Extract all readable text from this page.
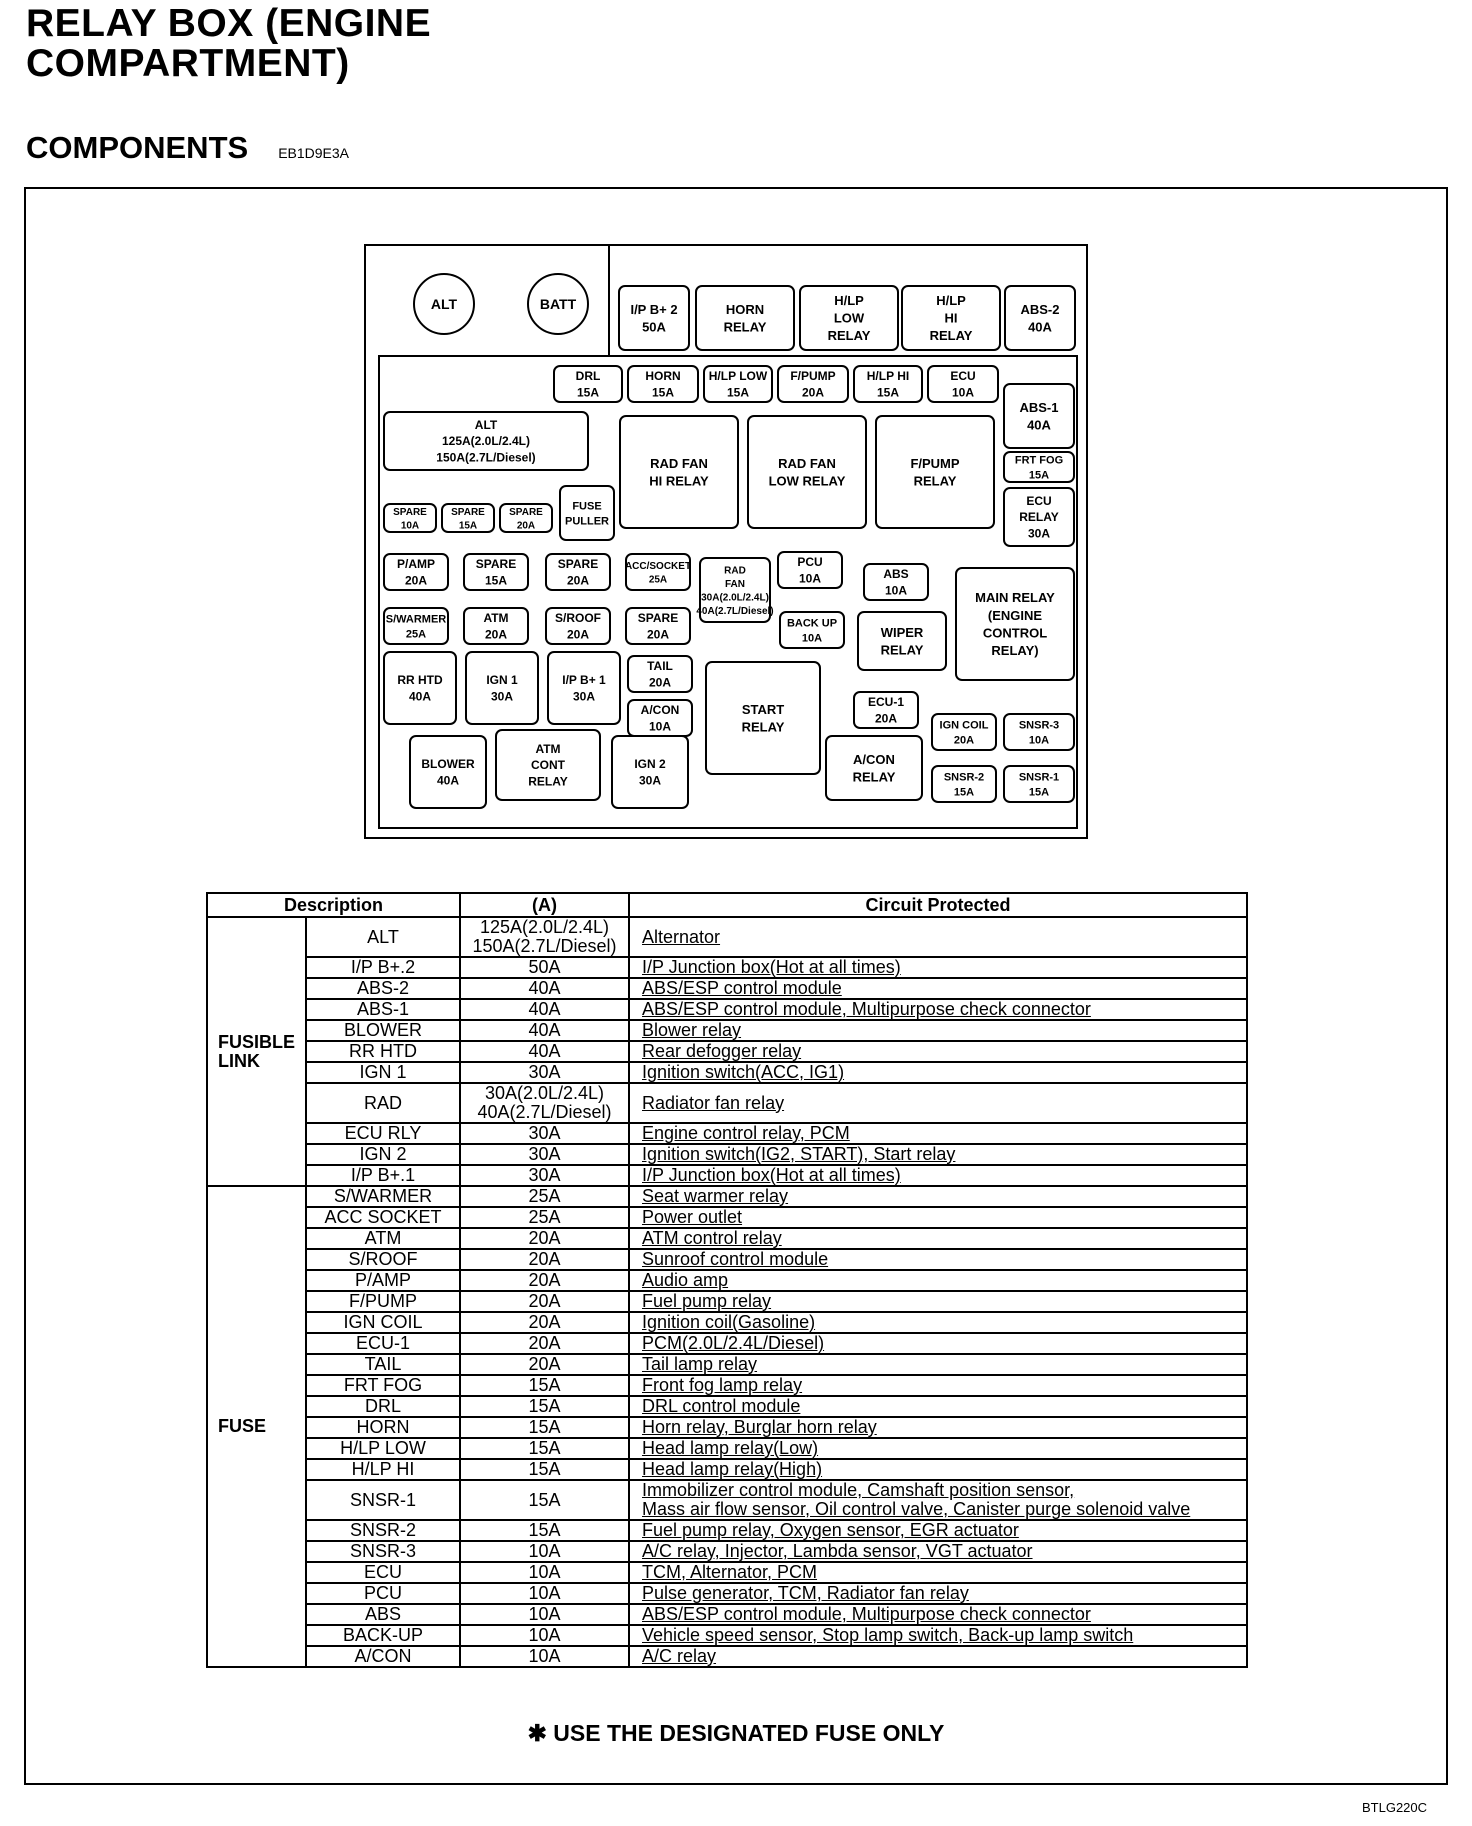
RELAY BOX (ENGINE
COMPARTMENT)
COMPONENTS EB1D9E3A
ALT	BATT	I/P B+ 2
50A
HORN
RELAY
H/LP
LOW
RELAY
H/LP
HI
RELAY
ABS-2
40A
DRL
15A
HORN
15A
H/LP LOW
15A
F/PUMP
20A
H/LP HI
15A
ECU
10A
ABS-1
40A
ALT
125A(2.0L/2.4L)
150A(2.7L/Diesel)	RAD FAN
HI RELAY
RAD FAN
LOW RELAY
F/PUMP
RELAY
FRT FOG
15A
SPARE
10A
SPARE
15A
SPARE
20A
FUSE
PULLER
ECU
RELAY
30A
P/AMP
20A
SPARE
15A
SPARE
20A
ACC/SOCKET
25A
RAD
FAN
30A(2.0L/2.4L)
40A(2.7L/Diesel)
PCU
10A	ABS
10A	MAIN RELAY
(ENGINE
CONTROL
RELAY)
S/WARMER
25A
ATM
20A
S/ROOF
20A
SPARE
20A
BACK UP
10A	WIPER
RELAY
RR HTD
40A
IGN 1
30A
I/P B+ 1
30A
TAIL
20A
START
RELAY
A/CON
10A
ECU-1
20A
IGN COIL
20A
SNSR-3
10A
BLOWER
40A
ATM
CONT
RELAY
IGN 2
30A
A/CON
RELAY	SNSR-2
15A
SNSR-1
15A
Description		(A)	Circuit Protected
FUSIBLE
LINK	ALT	125A(2.0L/2.4L)
150A(2.7L/Diesel)	Alternator
	I/P B+.2	50A	I/P Junction box(Hot at all times)
	ABS-2	40A	ABS/ESP control module
	ABS-1	40A	ABS/ESP control module, Multipurpose check connector
	BLOWER	40A	Blower relay
	RR HTD	40A	Rear defogger relay
	IGN 1	30A	Ignition switch(ACC, IG1)
	RAD	30A(2.0L/2.4L)
40A(2.7L/Diesel)	Radiator fan relay
	ECU RLY	30A	Engine control relay, PCM
	IGN 2	30A	Ignition switch(IG2, START), Start relay
	I/P B+.1	30A	I/P Junction box(Hot at all times)
FUSE	S/WARMER	25A	Seat warmer relay
	ACC SOCKET	25A	Power outlet
	ATM	20A	ATM control relay
	S/ROOF	20A	Sunroof control module
	P/AMP	20A	Audio amp
	F/PUMP	20A	Fuel pump relay
	IGN COIL	20A	Ignition coil(Gasoline)
	ECU-1	20A	PCM(2.0L/2.4L/Diesel)
	TAIL	20A	Tail lamp relay
	FRT FOG	15A	Front fog lamp relay
	DRL	15A	DRL control module
	HORN	15A	Horn relay, Burglar horn relay
	H/LP LOW	15A	Head lamp relay(Low)
	H/LP HI	15A	Head lamp relay(High)
	SNSR-1	15A	Immobilizer control module, Camshaft position sensor,
Mass air flow sensor, Oil control valve, Canister purge solenoid valve
	SNSR-2	15A	Fuel pump relay, Oxygen sensor, EGR actuator
	SNSR-3	10A	A/C relay, Injector, Lambda sensor, VGT actuator
	ECU	10A	TCM, Alternator, PCM
	PCU	10A	Pulse generator, TCM, Radiator fan relay
	ABS	10A	ABS/ESP control module, Multipurpose check connector
	BACK-UP	10A	Vehicle speed sensor, Stop lamp switch, Back-up lamp switch
	A/CON	10A	A/C relay
✱ USE THE DESIGNATED FUSE ONLY
BTLG220C
